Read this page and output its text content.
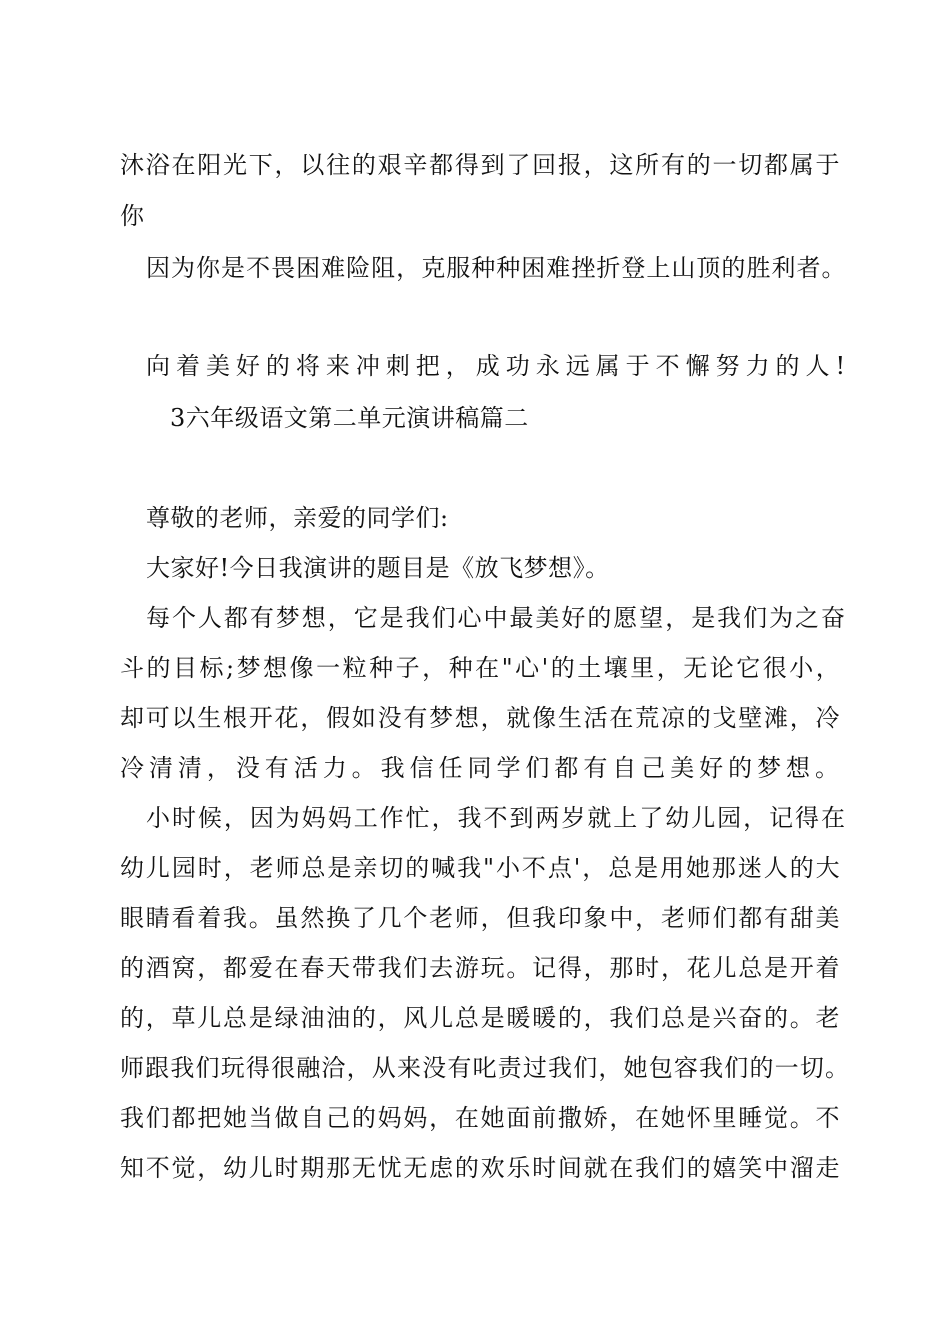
沐浴在阳光下，以往的艰辛都得到了回报，这所有的一切都属于
你
因为你是不畏困难险阻，克服种种困难挫折登上山顶的胜利者。
向着美好的将来冲刺把，成功永远属于不懈努力的人!
3六年级语文第二单元演讲稿篇二
尊敬的老师，亲爱的同学们:
大家好!今日我演讲的题目是《放飞梦想》。
每个人都有梦想，它是我们心中最美好的愿望，是我们为之奋
斗的目标;梦想像一粒种子，种在"心'的土壤里，无论它很小，
却可以生根开花，假如没有梦想，就像生活在荒凉的戈壁滩，冷
冷清清，没有活力。我信任同学们都有自己美好的梦想。
小时候，因为妈妈工作忙，我不到两岁就上了幼儿园，记得在
幼儿园时，老师总是亲切的喊我"小不点'，总是用她那迷人的大
眼睛看着我。虽然换了几个老师，但我印象中，老师们都有甜美
的酒窝，都爱在春天带我们去游玩。记得，那时，花儿总是开着
的，草儿总是绿油油的，风儿总是暖暖的，我们总是兴奋的。老
师跟我们玩得很融洽，从来没有叱责过我们，她包容我们的一切。
我们都把她当做自己的妈妈，在她面前撒娇，在她怀里睡觉。不
知不觉，幼儿时期那无忧无虑的欢乐时间就在我们的嬉笑中溜走
